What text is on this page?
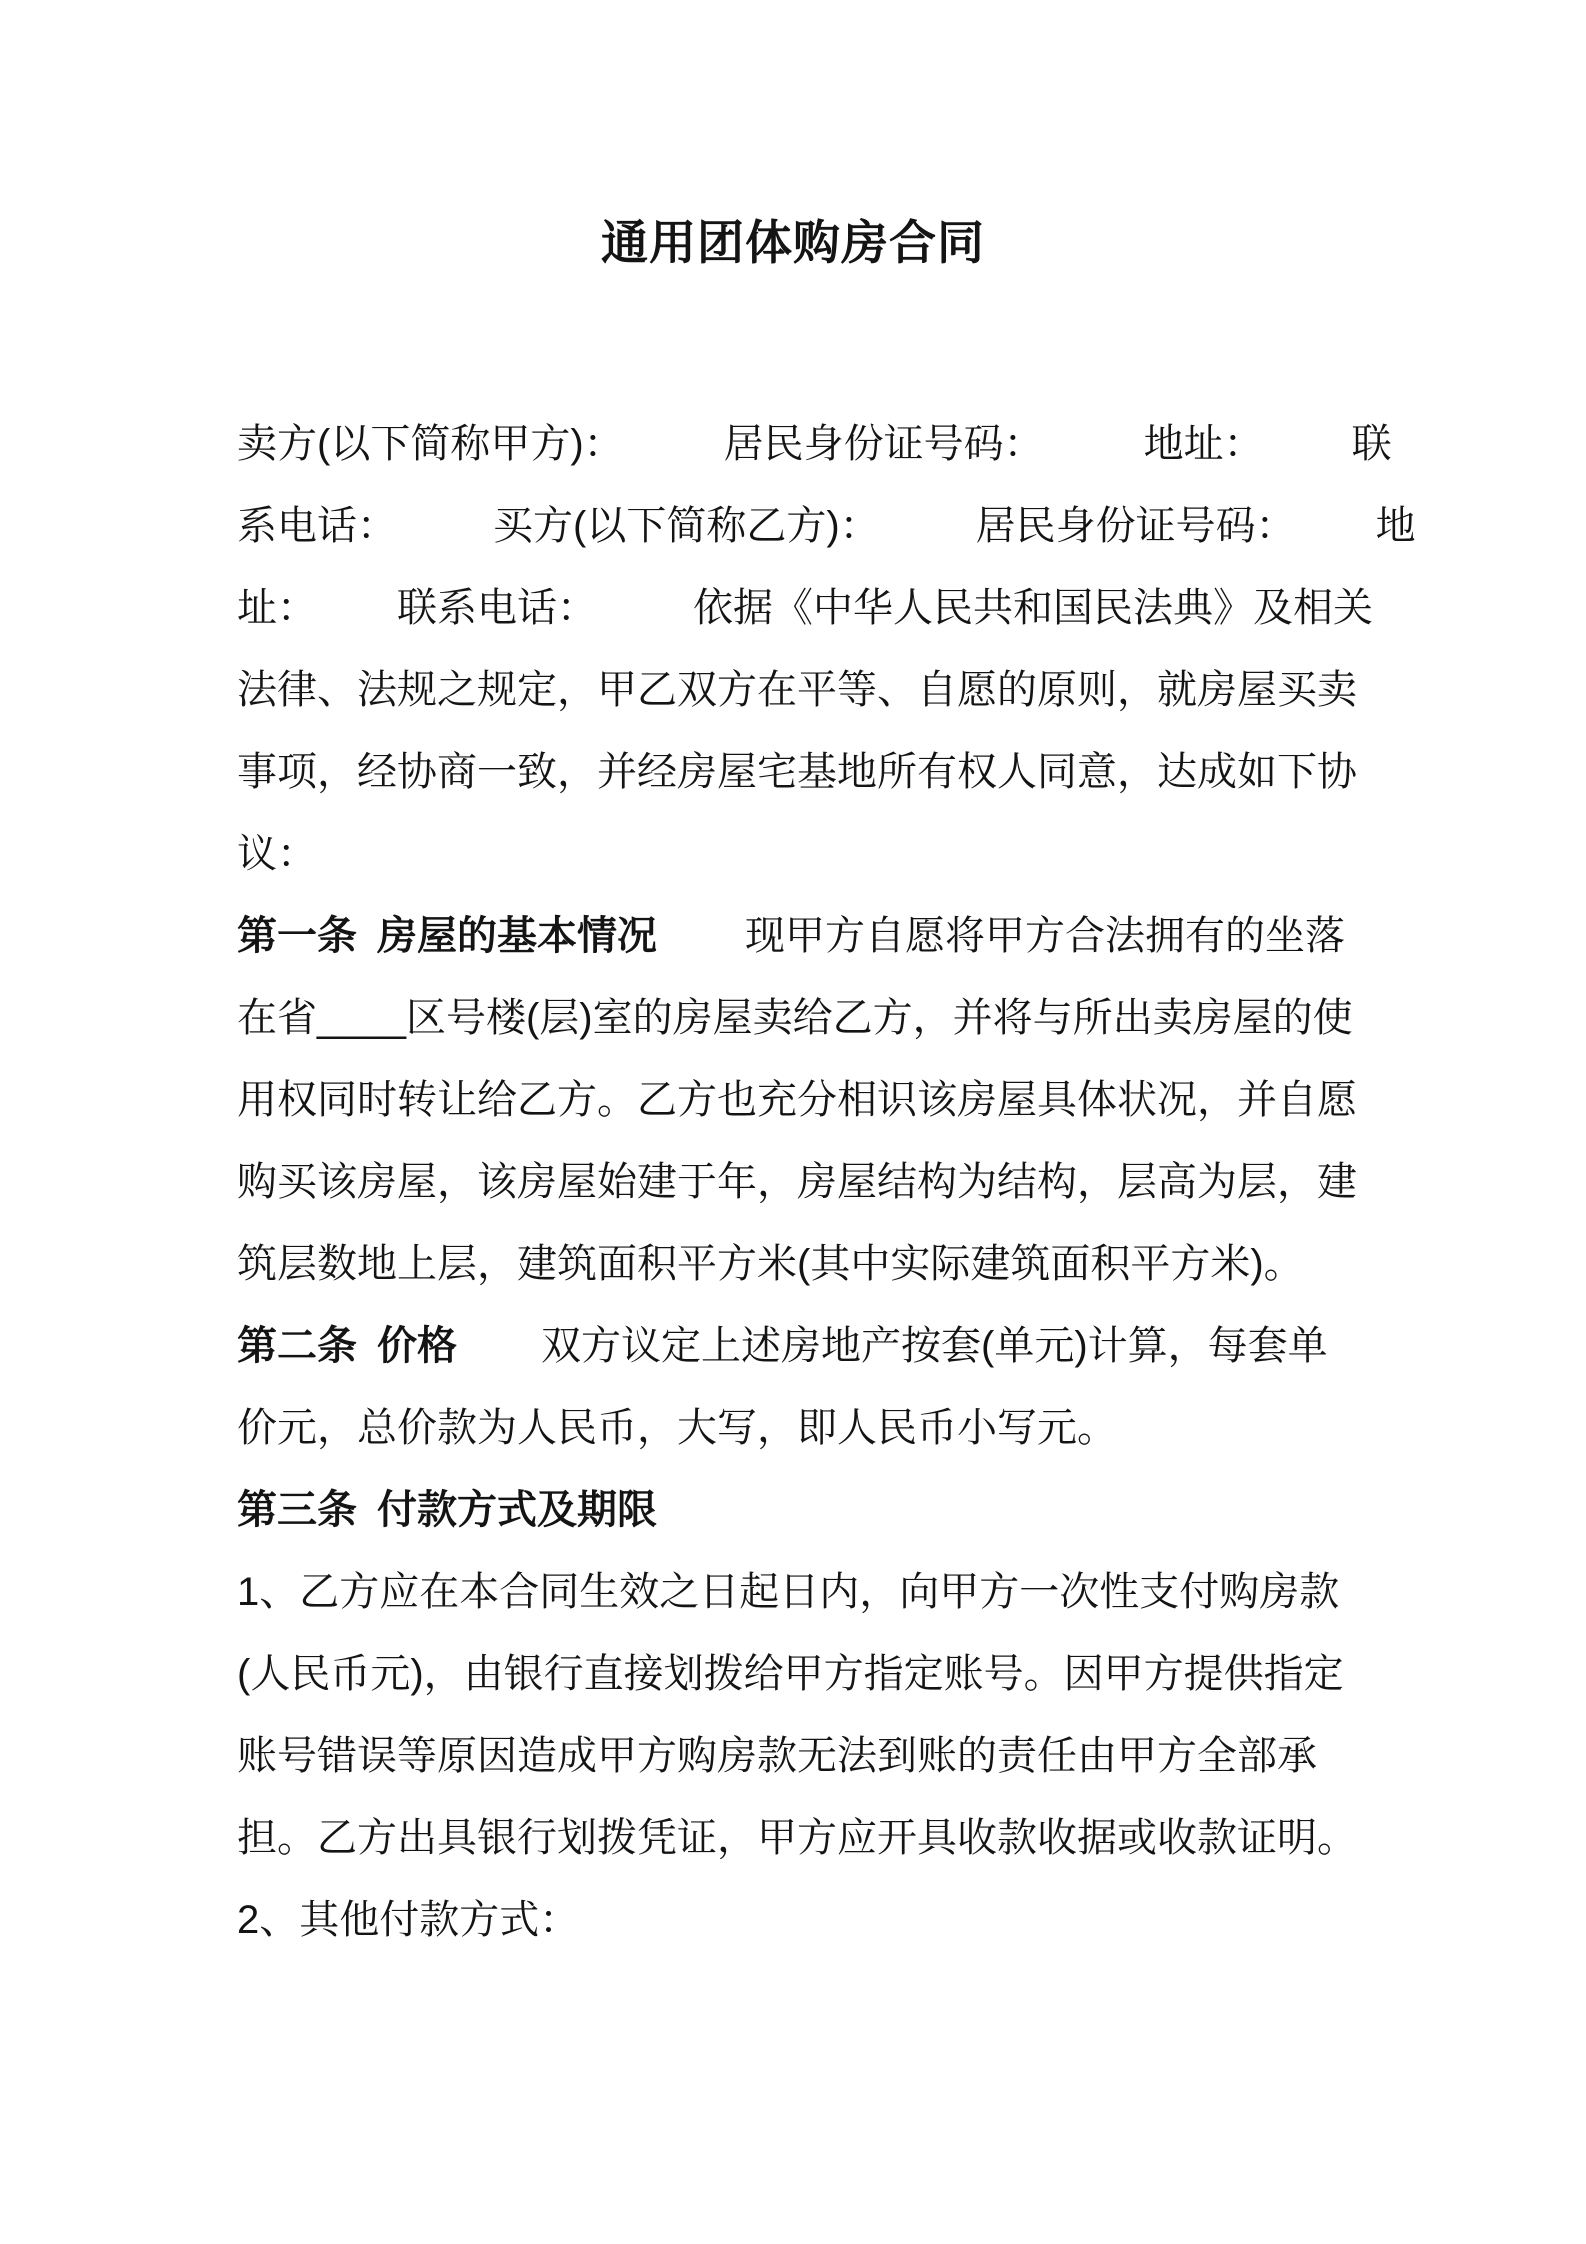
通用团体购房合同
卖方(以下简称甲方)：	居民身份证号码：	地址： 联
系电话： 买方(以下简称乙方)： 居民身份证号码： 地
址： 联系电话： 依据《中华人民共和国民法典》及相关
法律、法规之规定，甲乙双方在平等、自愿的原则，就房屋买卖
事项，经协商一致，并经房屋宅基地所有权人同意，达成如下协
议：
第一条 房屋的基本情况 现甲方自愿将甲方合法拥有的坐落
在省____区号楼(层)室的房屋卖给乙方，并将与所出卖房屋的使
用权同时转让给乙方。乙方也充分相识该房屋具体状况，并自愿
购买该房屋，该房屋始建于年，房屋结构为结构，层高为层，建
筑层数地上层，建筑面积平方米(其中实际建筑面积平方米)。
第二条 价格 双方议定上述房地产按套(单元)计算，每套单
价元，总价款为人民币，大写，即人民币小写元。
第三条 付款方式及期限
1、乙方应在本合同生效之日起日内，向甲方一次性支付购房款
(人民币元)，由银行直接划拨给甲方指定账号。因甲方提供指定
账号错误等原因造成甲方购房款无法到账的责任由甲方全部承
担。乙方出具银行划拨凭证，甲方应开具收款收据或收款证明。
2、其他付款方式：
